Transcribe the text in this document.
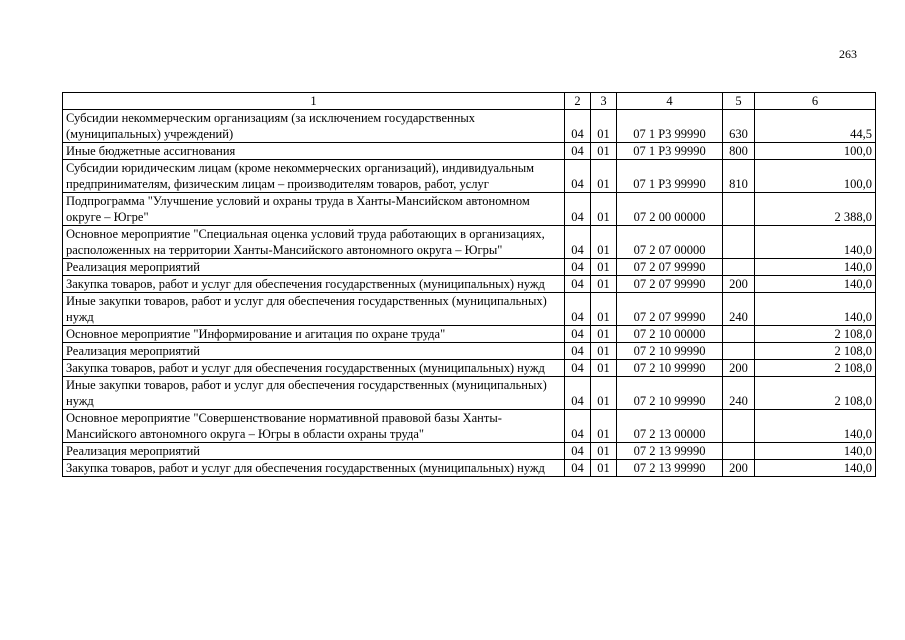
263
1	2	3	4	5	6
Субсидии некоммерческим организациям (за исключением государственных (муниципальных) учреждений)	04	01	07 1 P3 99990	630	44,5
Иные бюджетные ассигнования	04	01	07 1 P3 99990	800	100,0
Субсидии юридическим лицам (кроме некоммерческих организаций), индивидуальным предпринимателям, физическим лицам – производителям товаров, работ, услуг	04	01	07 1 P3 99990	810	100,0
Подпрограмма "Улучшение условий и охраны труда в Ханты-Мансийском автономном округе – Югре"	04	01	07 2 00 00000		2 388,0
Основное мероприятие "Специальная оценка условий труда работающих в организациях, расположенных на территории Ханты-Мансийского автономного округа – Югры"	04	01	07 2 07 00000		140,0
Реализация мероприятий	04	01	07 2 07 99990		140,0
Закупка товаров, работ и услуг для обеспечения государственных (муниципальных) нужд	04	01	07 2 07 99990	200	140,0
Иные закупки товаров, работ и услуг для обеспечения государственных (муниципальных) нужд	04	01	07 2 07 99990	240	140,0
Основное мероприятие "Информирование и агитация по охране труда"	04	01	07 2 10 00000		2 108,0
Реализация мероприятий	04	01	07 2 10 99990		2 108,0
Закупка товаров, работ и услуг для обеспечения государственных (муниципальных) нужд	04	01	07 2 10 99990	200	2 108,0
Иные закупки товаров, работ и услуг для обеспечения государственных (муниципальных) нужд	04	01	07 2 10 99990	240	2 108,0
Основное мероприятие "Совершенствование нормативной правовой базы Ханты-Мансийского автономного округа – Югры в области охраны труда"	04	01	07 2 13 00000		140,0
Реализация мероприятий	04	01	07 2 13 99990		140,0
Закупка товаров, работ и услуг для обеспечения государственных (муниципальных) нужд	04	01	07 2 13 99990	200	140,0
